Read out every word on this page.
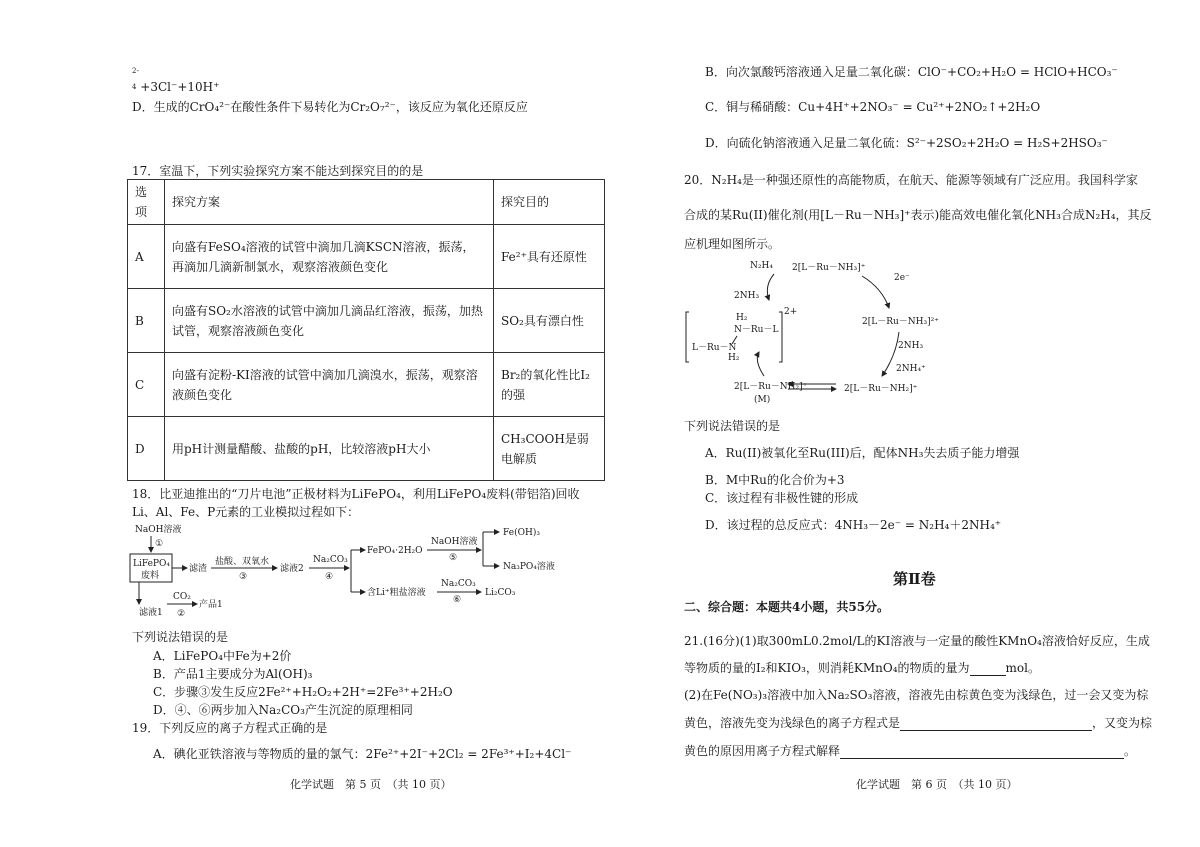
$^{2- 4}$ +3Cl⁻+10H⁺
D．生成的CrO₄²⁻在酸性条件下易转化为Cr₂O₇²⁻，该反应为氧化还原反应
17．室温下，下列实验探究方案不能达到探究目的的是
选项	探究方案	探究目的
A	向盛有FeSO₄溶液的试管中滴加几滴KSCN溶液，振荡，再滴加几滴新制氯水，观察溶液颜色变化	Fe²⁺具有还原性
B	向盛有SO₂水溶液的试管中滴加几滴品红溶液，振荡，加热试管，观察溶液颜色变化	SO₂具有漂白性
C	向盛有淀粉-KI溶液的试管中滴加几滴溴水，振荡，观察溶液颜色变化	Br₂的氧化性比I₂的强
D	用pH计测量醋酸、盐酸的pH，比较溶液pH大小	CH₃COOH是弱电解质
18．比亚迪推出的“刀片电池”正极材料为LiFePO₄，利用LiFePO₄废料(带铝箔)回收
Li、Al、Fe、P元素的工业模拟过程如下：
NaOH溶液
①
LiFePO₄
废料
滤渣
盐酸、双氧水
③
滤液2
Na₂CO₃
④
FePO₄·2H₂O
NaOH溶液
⑤
Fe(OH)₃
Na₃PO₄溶液
含Li⁺粗盐溶液
Na₂CO₃
⑥
Li₂CO₃
滤液1
CO₂
②
产品1
下列说法错误的是
A．LiFePO₄中Fe为+2价
B．产品1主要成分为Al(OH)₃
C．步骤③发生反应2Fe²⁺+H₂O₂+2H⁺=2Fe³⁺+2H₂O
D．④、⑥两步加入Na₂CO₃产生沉淀的原理相同
19．下列反应的离子方程式正确的是
A．碘化亚铁溶液与等物质的量的氯气：2Fe²⁺+2I⁻+2Cl₂ = 2Fe³⁺+I₂+4Cl⁻
化学试题　第 5 页　（共 10 页）
B．向次氯酸钙溶液通入足量二氧化碳：ClO⁻+CO₂+H₂O = HClO+HCO₃⁻
C．铜与稀硝酸：Cu+4H⁺+2NO₃⁻ = Cu²⁺+2NO₂↑+2H₂O
D．向硫化钠溶液通入足量二氧化硫：S²⁻+2SO₂+2H₂O = H₂S+2HSO₃⁻
20．N₂H₄是一种强还原性的高能物质，在航天、能源等领域有广泛应用。我国科学家
合成的某Ru(II)催化剂(用[L－Ru－NH₃]⁺表示)能高效电催化氧化NH₃合成N₂H₄，其反
应机理如图所示。
N₂H₄ 2[L－Ru－NH₃]⁺
2NH₃
2e⁻
2[L－Ru－NH₃]²⁺
2NH₃
2NH₄⁺
2[L－Ru－NH₂]⁺
2[L－Ru－NH₂]⁺
(M)
2+
H₂
N－Ru－L
L－Ru－N
H₂
下列说法错误的是
A．Ru(II)被氧化至Ru(III)后，配体NH₃失去质子能力增强
B．M中Ru的化合价为+3
C．该过程有非极性键的形成
D．该过程的总反应式：4NH₃－2e⁻ = N₂H₄＋2NH₄⁺
第Ⅱ卷
二、综合题：本题共4小题，共55分。
21.(16分)(1)取300mL0.2mol/L的KI溶液与一定量的酸性KMnO₄溶液恰好反应，生成
等物质的量的I₂和KIO₃，则消耗KMnO₄的物质的量为	mol。
(2)在Fe(NO₃)₃溶液中加入Na₂SO₃溶液，溶液先由棕黄色变为浅绿色，过一会又变为棕
黄色，溶液先变为浅绿色的离子方程式是	，又变为棕
黄色的原因用离子方程式解释	。
化学试题　第 6 页　（共 10 页）
